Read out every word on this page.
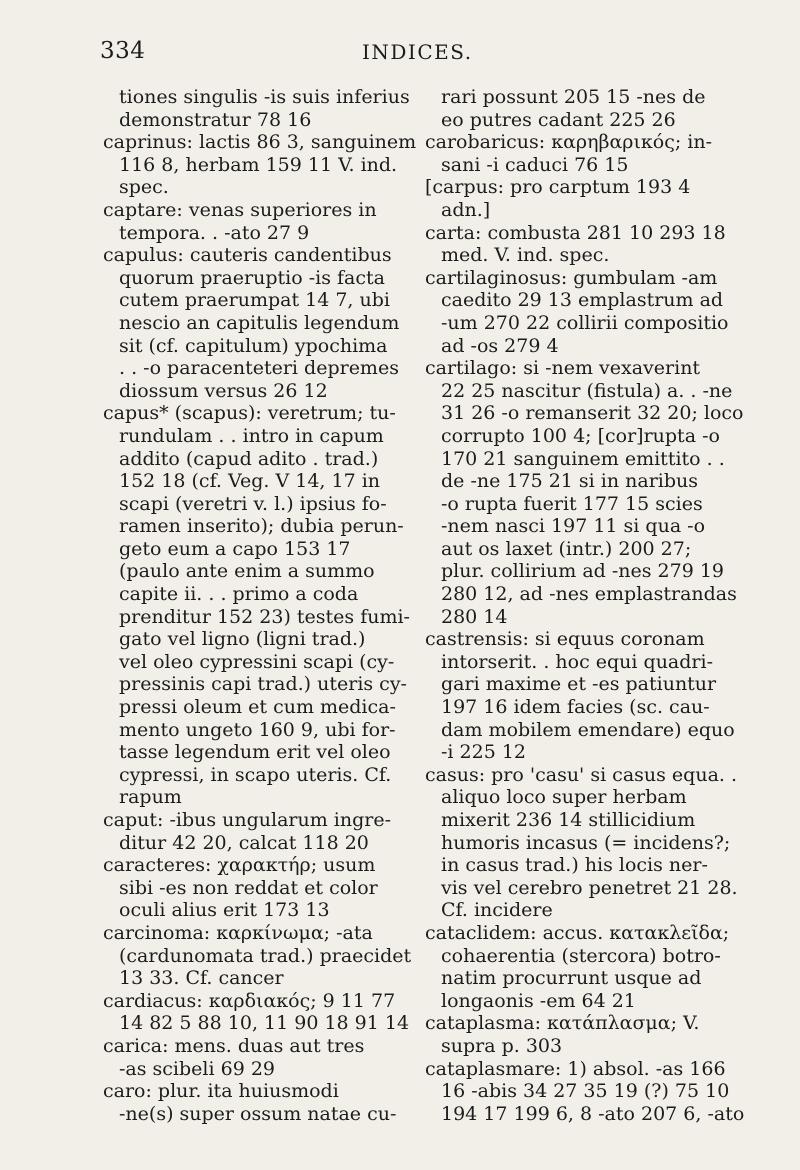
334	INDICES.
tiones singulis -is suis inferius
demonstratur 78 16
caprinus: lactis 86 3, sanguinem
116 8, herbam 159 11 V. ind.
spec.
captare: venas superiores in
tempora. . -ato 27 9
capulus: cauteris candentibus
quorum praeruptio -is facta
cutem praerumpat 14 7, ubi
nescio an capitulis legendum
sit (cf. capitulum) ypochima
. . -o paracenteteri depremes
diossum versus 26 12
capus* (scapus): veretrum; tu-
rundulam . . intro in capum
addito (capud adito . trad.)
152 18 (cf. Veg. V 14, 17 in
scapi (veretri v. l.) ipsius fo-
ramen inserito); dubia perun-
geto eum a capo 153 17
(paulo ante enim a summo
capite ii. . . primo a coda
prenditur 152 23) testes fumi-
gato vel ligno (ligni trad.)
vel oleo cypressini scapi (cy-
pressinis capi trad.) uteris cy-
pressi oleum et cum medica-
mento ungeto 160 9, ubi for-
tasse legendum erit vel oleo
cypressi, in scapo uteris. Cf.
rapum
caput: -ibus ungularum ingre-
ditur 42 20, calcat 118 20
caracteres: χαρακτήρ; usum
sibi -es non reddat et color
oculi alius erit 173 13
carcinoma: καρκίνωμα; -ata
(cardunomata trad.) praecidet
13 33. Cf. cancer
cardiacus: καρδιακός; 9 11 77
14 82 5 88 10, 11 90 18 91 14
carica: mens. duas aut tres
-as scibeli 69 29
caro: plur. ita huiusmodi
-ne(s) super ossum natae cu-
rari possunt 205 15 -nes de
eo putres cadant 225 26
carobaricus: καρηβαρικός; in-
sani -i caduci 76 15
[carpus: pro carptum 193 4
adn.]
carta: combusta 281 10 293 18
med. V. ind. spec.
cartilaginosus: gumbulam -am
caedito 29 13 emplastrum ad
-um 270 22 collirii compositio
ad -os 279 4
cartilago: si -nem vexaverint
22 25 nascitur (fistula) a. . -ne
31 26 -o remanserit 32 20; loco
corrupto 100 4; [cor]rupta -o
170 21 sanguinem emittito . .
de -ne 175 21 si in naribus
-o rupta fuerit 177 15 scies
-nem nasci 197 11 si qua -o
aut os laxet (intr.) 200 27;
plur. collirium ad -nes 279 19
280 12, ad -nes emplastrandas
280 14
castrensis: si equus coronam
intorserit. . hoc equi quadri-
gari maxime et -es patiuntur
197 16 idem facies (sc. cau-
dam mobilem emendare) equo
-i 225 12
casus: pro 'casu' si casus equa. .
aliquo loco super herbam
mixerit 236 14 stillicidium
humoris incasus (= incidens?;
in casus trad.) his locis ner-
vis vel cerebro penetret 21 28.
Cf. incidere
cataclidem: accus. κατακλεῖδα;
cohaerentia (stercora) botro-
natim procurrunt usque ad
longaonis -em 64 21
cataplasma: κατάπλασμα; V.
supra p. 303
cataplasmare: 1) absol. -as 166
16 -abis 34 27 35 19 (?) 75 10
194 17 199 6, 8 -ato 207 6, -ato
